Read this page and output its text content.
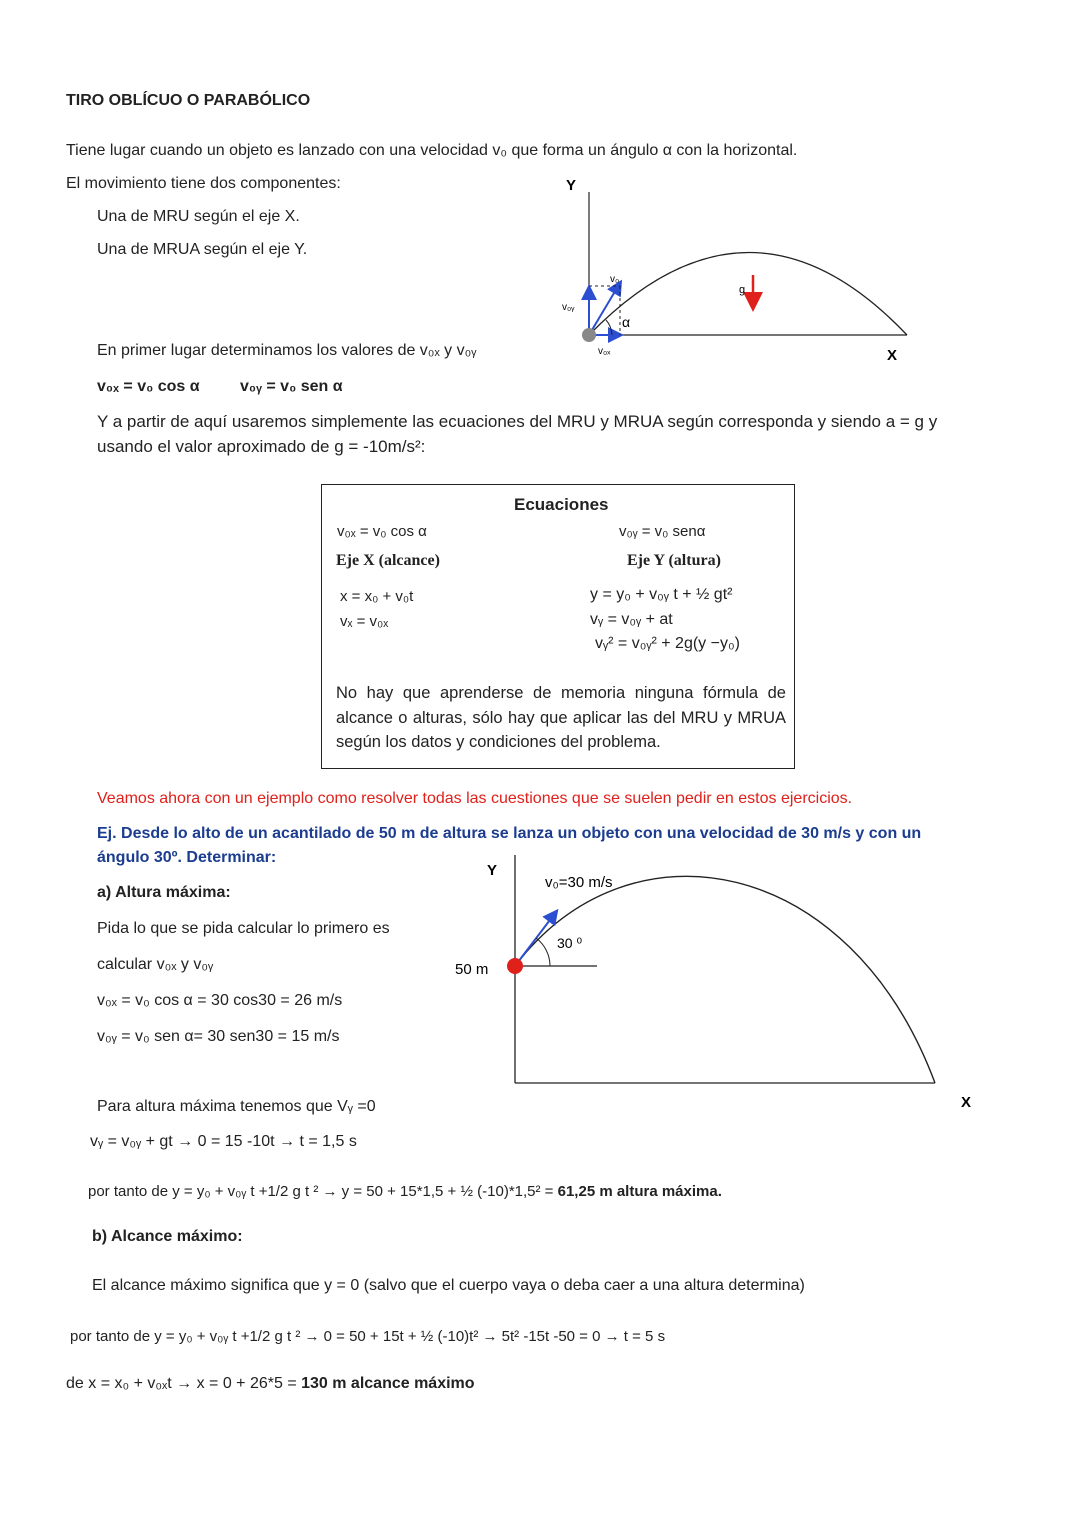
TIRO OBLÍCUO O PARABÓLICO
Tiene lugar cuando un objeto es lanzado con una velocidad v₀ que forma un ángulo α con la horizontal.
El movimiento tiene dos componentes:
Una de MRU según el eje X.
Una de MRUA según el eje Y.
En primer lugar determinamos los valores de v₀ₓ y v₀ᵧ
v₀ₓ = v₀ cos α	v₀ᵧ = v₀ sen α
Y a partir de aquí usaremos simplemente las ecuaciones del MRU y MRUA según corresponda y siendo a = g y
usando el valor aproximado de g = -10m/s²:
Y
X
v₀
v₀ᵧ
v₀ₓ
α
g
Ecuaciones
v₀ₓ = v₀ cos α	v₀ᵧ = v₀ senα
Eje X (alcance)	Eje Y (altura)
x = x₀ + v₀t
vₓ = v₀ₓ
y = y₀ + v₀ᵧ t + ½ gt²
vᵧ = v₀ᵧ + at
vᵧ² = v₀ᵧ² + 2g(y −y₀)
No hay que aprenderse de memoria ninguna fórmula de alcance o alturas, sólo hay que aplicar las del MRU y MRUA según los datos y condiciones del problema.
Veamos ahora con un ejemplo como resolver todas las cuestiones que se suelen pedir en estos ejercicios.
Ej. Desde lo alto de un acantilado de 50 m de altura se lanza un objeto con una velocidad de 30 m/s y con un
ángulo 30º. Determinar:
a) Altura máxima:
Pida lo que se pida calcular lo primero es
calcular v₀ₓ y v₀ᵧ
v₀ₓ = v₀ cos α = 30 cos30 = 26 m/s
v₀ᵧ = v₀ sen α= 30 sen30 = 15 m/s
Y
X
v₀=30 m/s
30 ⁰
50 m
Para altura máxima tenemos que Vᵧ =0
vᵧ = v₀ᵧ + gt → 0 = 15 -10t → t = 1,5 s
por tanto de y = y₀ + v₀ᵧ t +1/2 g t ² → y = 50 + 15*1,5 + ½ (-10)*1,5² = 61,25 m altura máxima.
b) Alcance máximo:
El alcance máximo significa que y = 0 (salvo que el cuerpo vaya o deba caer a una altura determina)
por tanto de y = y₀ + v₀ᵧ t +1/2 g t ² → 0 = 50 + 15t + ½ (-10)t² → 5t² -15t -50 = 0 → t = 5 s
de x = x₀ + v₀ₓt → x = 0 + 26*5 = 130 m alcance máximo
